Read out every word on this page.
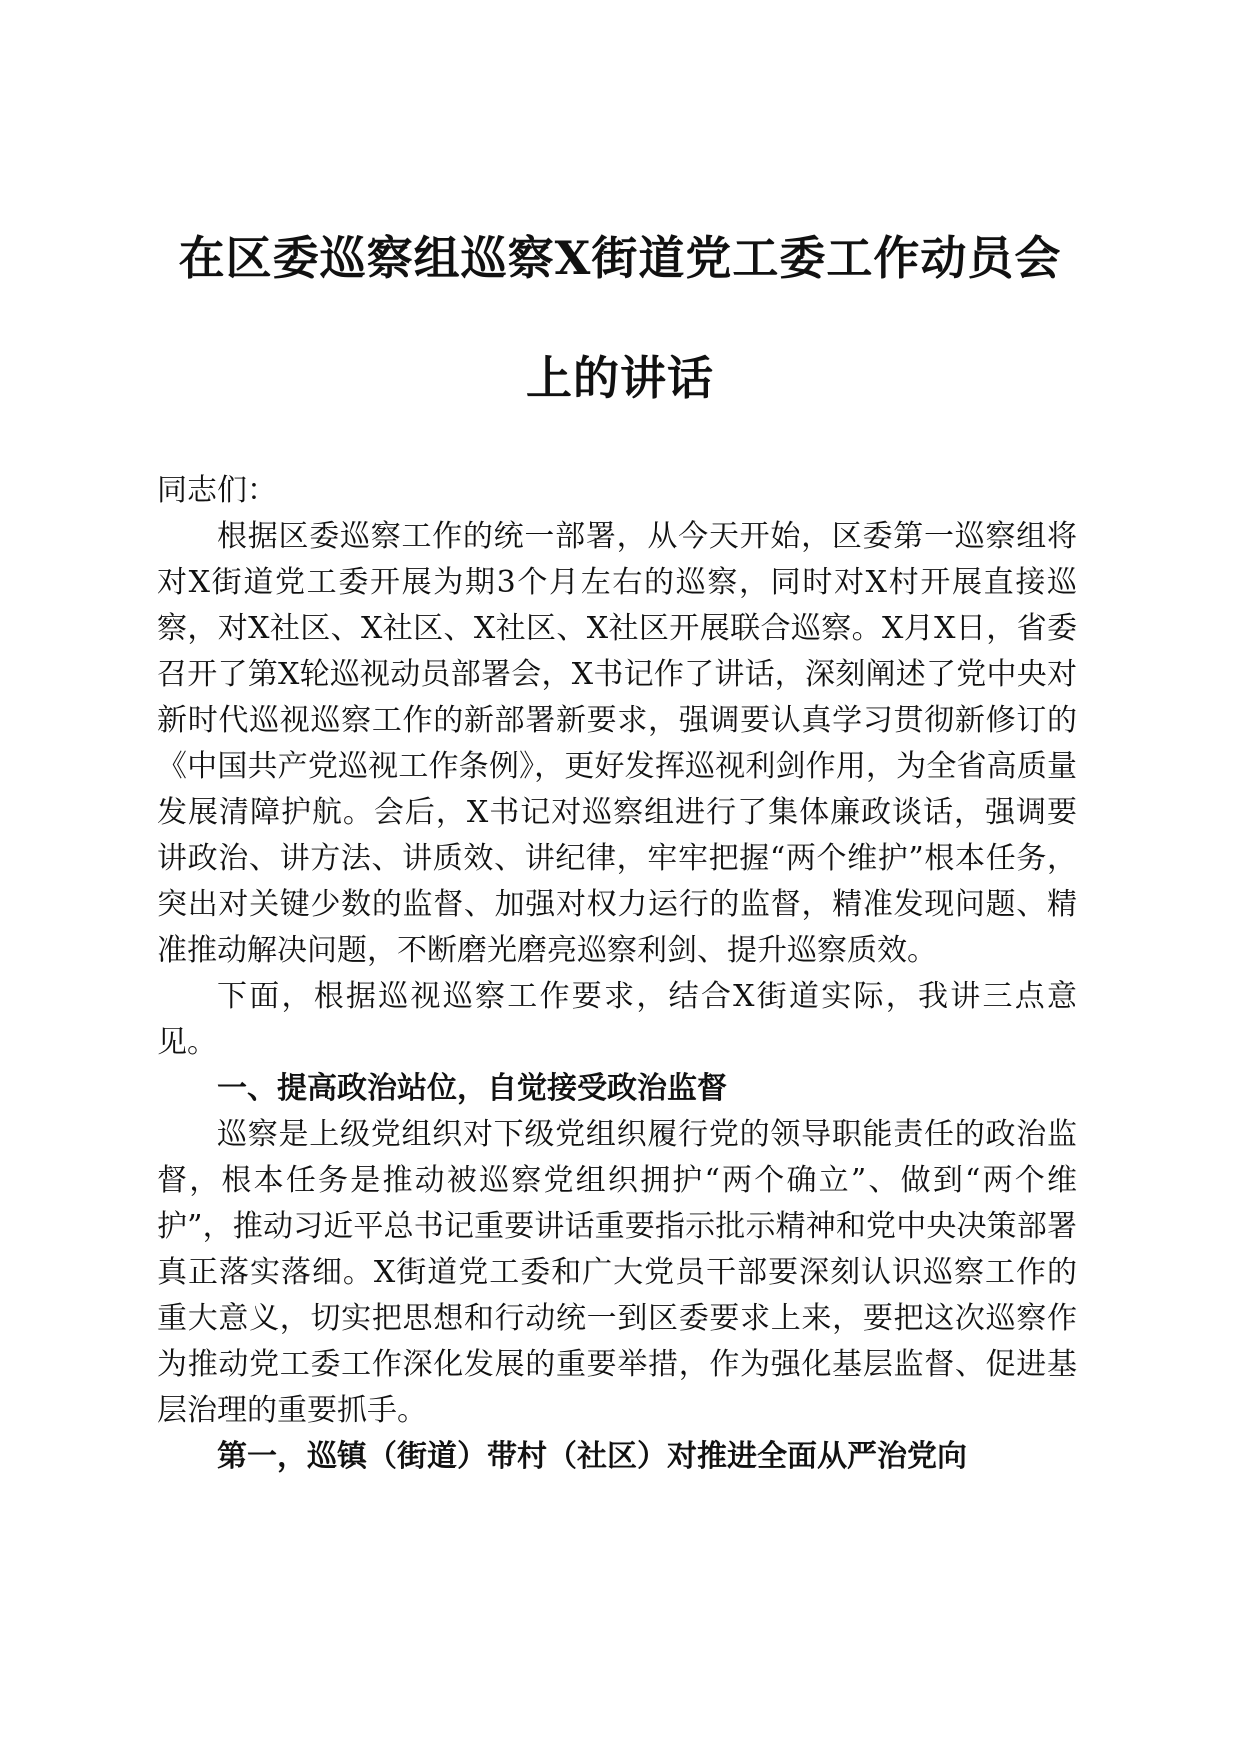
在区委巡察组巡察X街道党工委工作动员会
上的讲话

同志们：

根据区委巡察工作的统一部署，从今天开始，区委第一巡察组将对X街道党工委开展为期3个月左右的巡察，同时对X村开展直接巡察，对X社区、X社区、X社区、X社区开展联合巡察。X月X日，省委召开了第X轮巡视动员部署会，X书记作了讲话，深刻阐述了党中央对新时代巡视巡察工作的新部署新要求，强调要认真学习贯彻新修订的《中国共产党巡视工作条例》，更好发挥巡视利剑作用，为全省高质量发展清障护航。会后，X书记对巡察组进行了集体廉政谈话，强调要讲政治、讲方法、讲质效、讲纪律，牢牢把握“两个维护”根本任务，突出对关键少数的监督、加强对权力运行的监督，精准发现问题、精准推动解决问题，不断磨光磨亮巡察利剑、提升巡察质效。

下面，根据巡视巡察工作要求，结合X街道实际，我讲三点意见。

一、提高政治站位，自觉接受政治监督

巡察是上级党组织对下级党组织履行党的领导职能责任的政治监督，根本任务是推动被巡察党组织拥护“两个确立”、做到“两个维护”，推动习近平总书记重要讲话重要指示批示精神和党中央决策部署真正落实落细。X街道党工委和广大党员干部要深刻认识巡察工作的重大意义，切实把思想和行动统一到区委要求上来，要把这次巡察作为推动党工委工作深化发展的重要举措，作为强化基层监督、促进基层治理的重要抓手。

第一，巡镇（街道）带村（社区）对推进全面从严治党向
